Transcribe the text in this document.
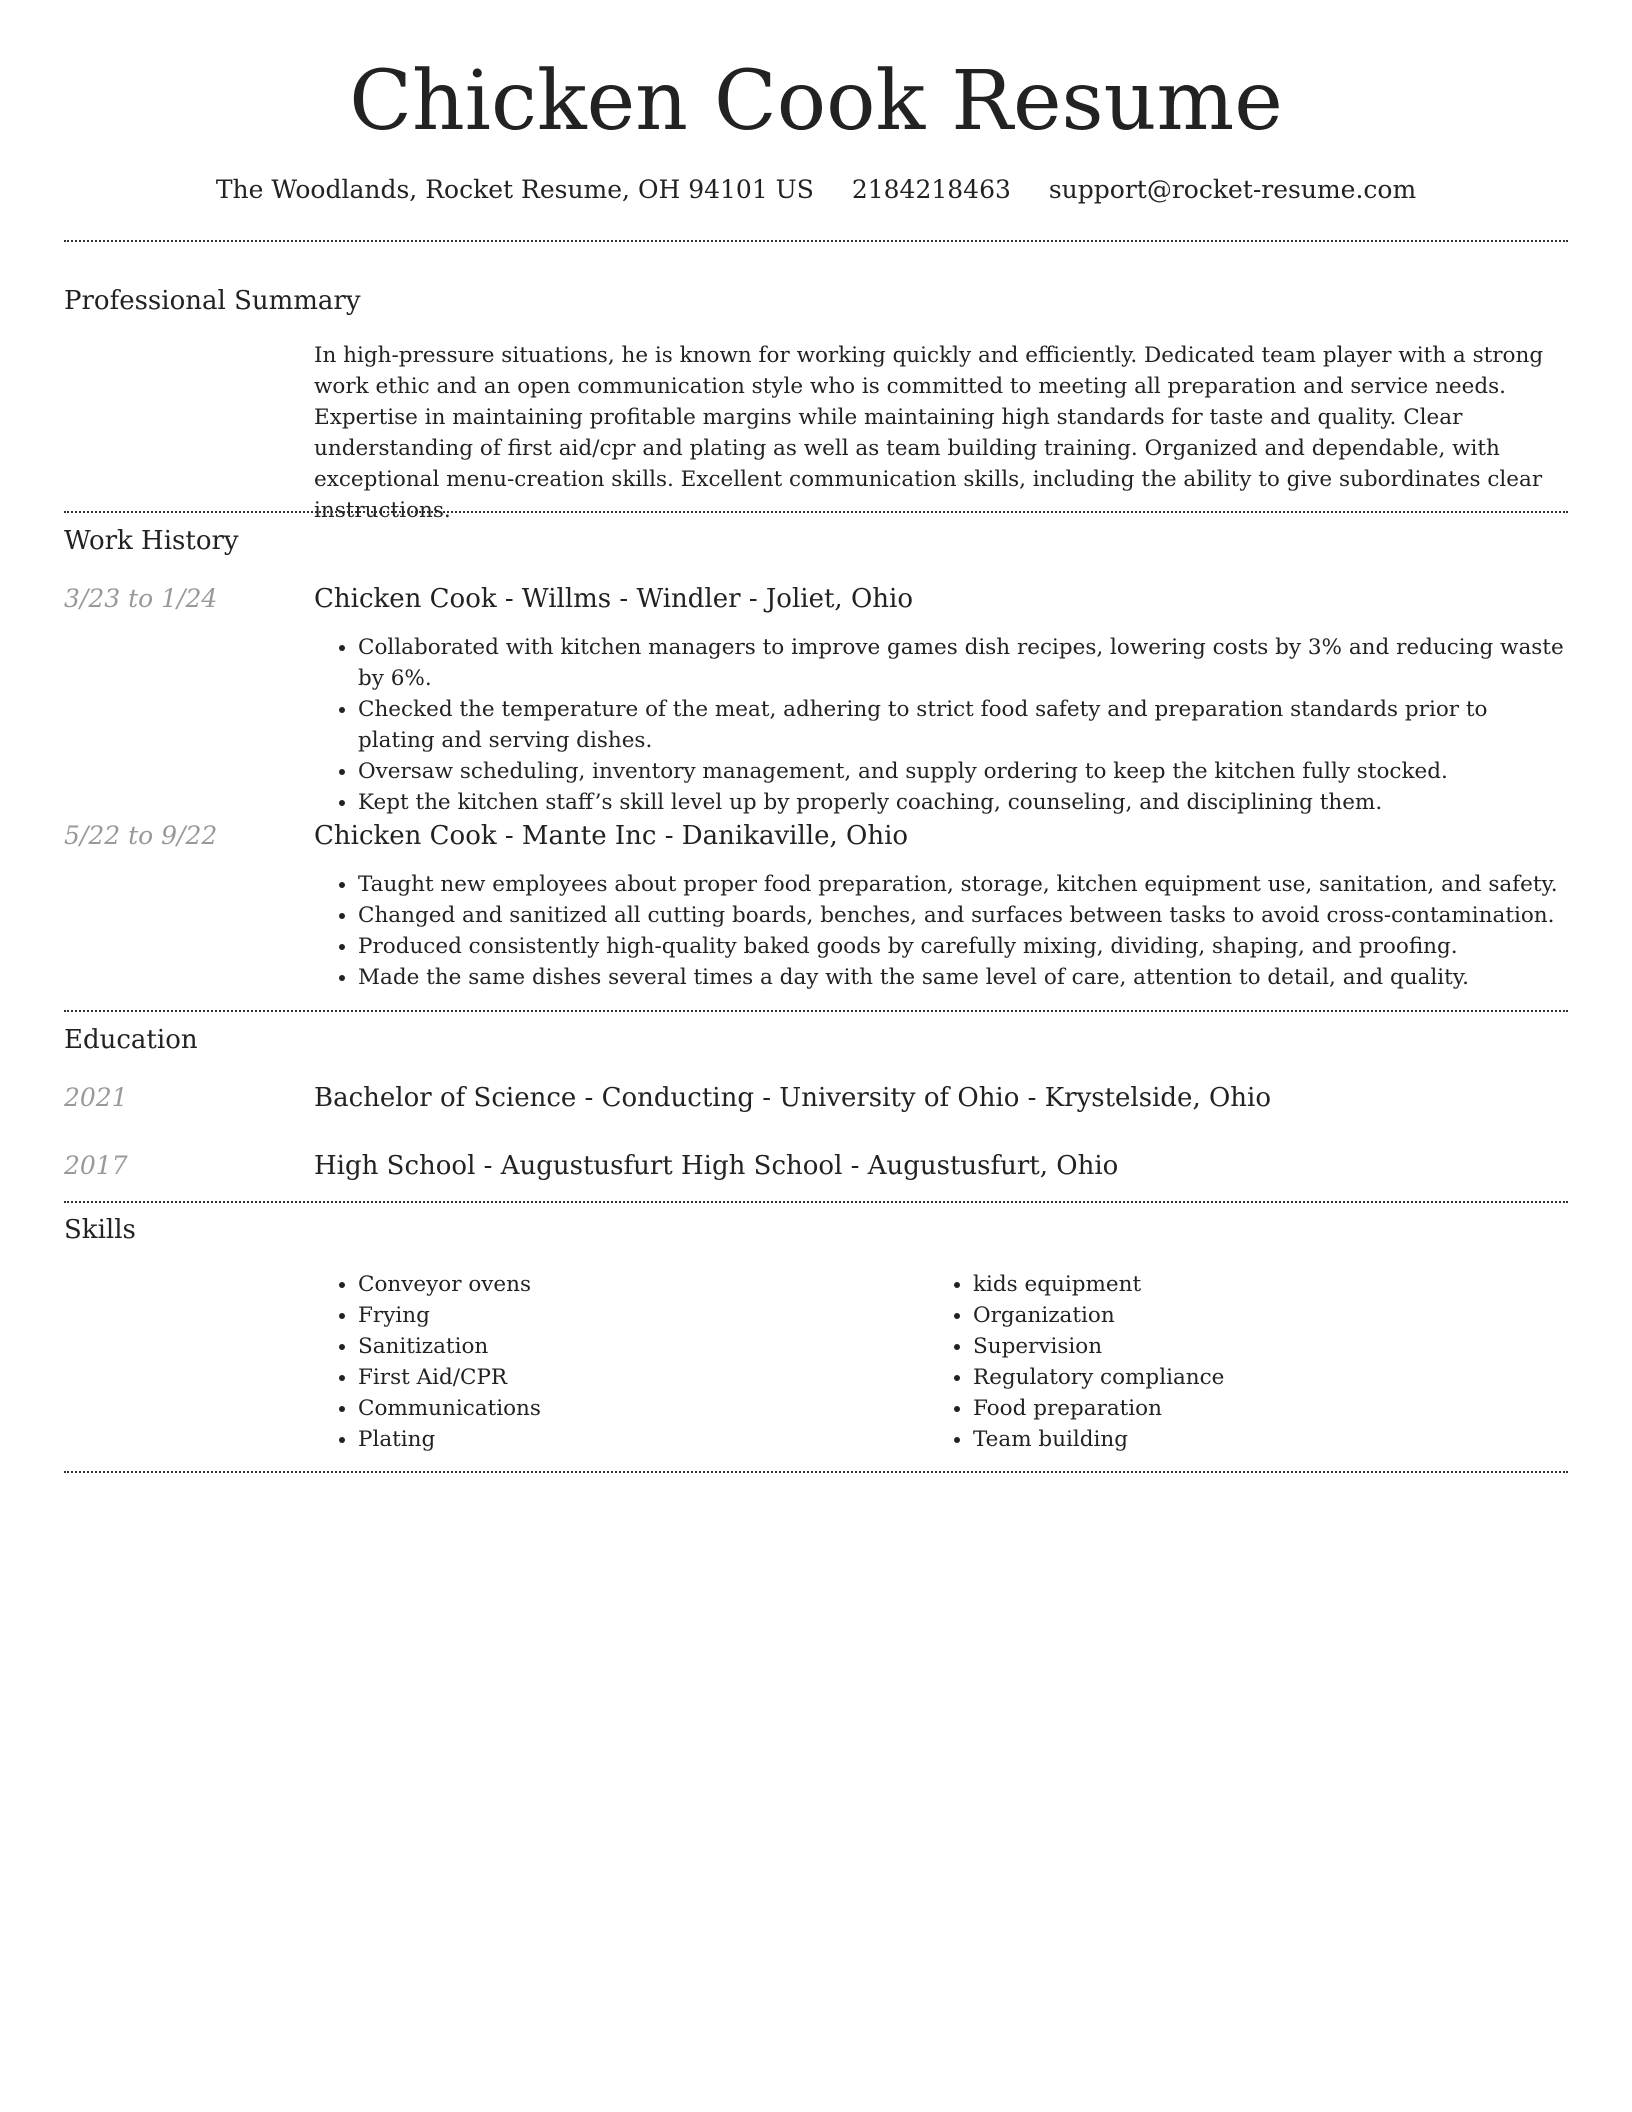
Chicken Cook Resume
The Woodlands, Rocket Resume, OH 94101 US 2184218463 support@rocket-resume.com
Professional Summary

In high-pressure situations, he is known for working quickly and efficiently. Dedicated team player with a strong work ethic and an open communication style who is committed to meeting all preparation and service needs. Expertise in maintaining profitable margins while maintaining high standards for taste and quality. Clear understanding of first aid/cpr and plating as well as team building training. Organized and dependable, with exceptional menu-creation skills. Excellent communication skills, including the ability to give subordinates clear instructions.

Work History
3/23 to 1/24	Chicken Cook - Willms - Windler - Joliet, Ohio
• Collaborated with kitchen managers to improve games dish recipes, lowering costs by 3% and reducing waste by 6%.
• Checked the temperature of the meat, adhering to strict food safety and preparation standards prior to plating and serving dishes.
• Oversaw scheduling, inventory management, and supply ordering to keep the kitchen fully stocked.
• Kept the kitchen staff’s skill level up by properly coaching, counseling, and disciplining them.
5/22 to 9/22	Chicken Cook - Mante Inc - Danikaville, Ohio
• Taught new employees about proper food preparation, storage, kitchen equipment use, sanitation, and safety.
• Changed and sanitized all cutting boards, benches, and surfaces between tasks to avoid cross-contamination.
• Produced consistently high-quality baked goods by carefully mixing, dividing, shaping, and proofing.
• Made the same dishes several times a day with the same level of care, attention to detail, and quality.
Education
2021	Bachelor of Science - Conducting - University of Ohio - Krystelside, Ohio
2017	High School - Augustusfurt High School - Augustusfurt, Ohio
Skills
• Conveyor ovens
• Frying
• Sanitization
• First Aid/CPR
• Communications
• Plating
• kids equipment
• Organization
• Supervision
• Regulatory compliance
• Food preparation
• Team building
